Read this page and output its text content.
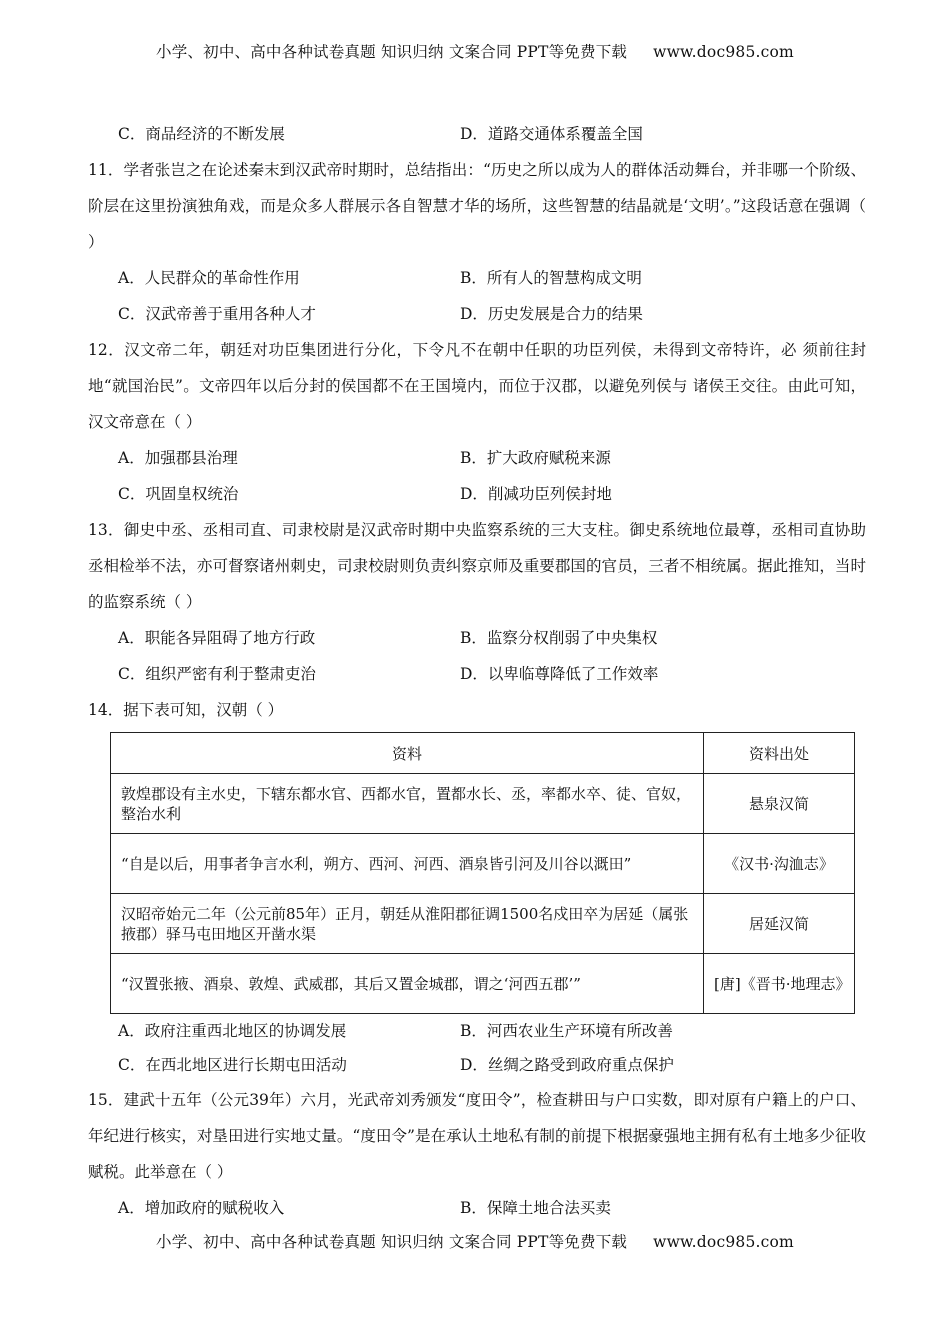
小学、初中、高中各种试卷真题 知识归纳 文案合同 PPT等免费下载 www.doc985.com
C．商品经济的不断发展	D．道路交通体系覆盖全国

11．学者张岂之在论述秦末到汉武帝时期时，总结指出：“历史之所以成为人的群体活动舞台，并非哪一个阶级、阶层在这里扮演独角戏，而是众多人群展示各自智慧才华的场所，这些智慧的结晶就是‘文明’。”这段话意在强调（ ）

A．人民群众的革命性作用	B．所有人的智慧构成文明
C．汉武帝善于重用各种人才	D．历史发展是合力的结果

12．汉文帝二年，朝廷对功臣集团进行分化，下令凡不在朝中任职的功臣列侯，未得到文帝特许，必 须前往封地“就国治民”。文帝四年以后分封的侯国都不在王国境内，而位于汉郡，以避免列侯与 诸侯王交往。由此可知，汉文帝意在（ ）

A．加强郡县治理	B．扩大政府赋税来源
C．巩固皇权统治	D．削减功臣列侯封地

13．御史中丞、丞相司直、司隶校尉是汉武帝时期中央监察系统的三大支柱。御史系统地位最尊，丞相司直协助丞相检举不法，亦可督察诸州刺史，司隶校尉则负责纠察京师及重要郡国的官员，三者不相统属。据此推知，当时的监察系统（ ）

A．职能各异阻碍了地方行政	B．监察分权削弱了中央集权
C．组织严密有利于整肃吏治	D．以卑临尊降低了工作效率

14．据下表可知，汉朝（ ）

资料	资料出处
敦煌郡设有主水史，下辖东都水官、西都水官，置都水长、丞，率都水卒、徒、官奴，整治水利	悬泉汉简
“自是以后，用事者争言水利，朔方、西河、河西、酒泉皆引河及川谷以溉田”	《汉书·沟洫志》
汉昭帝始元二年（公元前85年）正月，朝廷从淮阳郡征调1500名戍田卒为居延（属张掖郡）驿马屯田地区开凿水渠	居延汉简
“汉置张掖、酒泉、敦煌、武威郡，其后又置金城郡，谓之‘河西五郡’”	[唐]《晋书·地理志》
A．政府注重西北地区的协调发展	B．河西农业生产环境有所改善
C．在西北地区进行长期屯田活动	D．丝绸之路受到政府重点保护

15．建武十五年（公元39年）六月，光武帝刘秀颁发“度田令”，检查耕田与户口实数，即对原有户籍上的户口、年纪进行核实，对垦田进行实地丈量。“度田令”是在承认土地私有制的前提下根据豪强地主拥有私有土地多少征收赋税。此举意在（ ）

A．增加政府的赋税收入	B．保障土地合法买卖
小学、初中、高中各种试卷真题 知识归纳 文案合同 PPT等免费下载 www.doc985.com
